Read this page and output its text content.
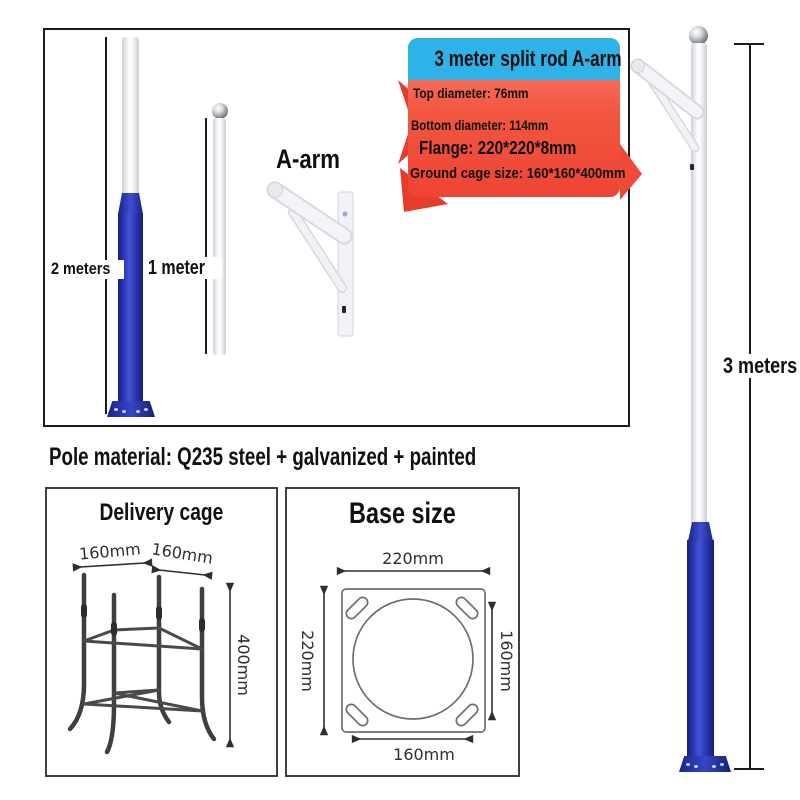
2 meters	1 meter
A-arm
3 meter split rod A-arm
Top diameter: 76mm
Bottom diameter: 114mm
Flange: 220*220*8mm
Ground cage size: 160*160*400mm
3 meters
Pole material: Q235 steel + galvanized + painted
Delivery cage
160mm 160mm
400mm
Base size
220mm
220mm	160mm
160mm
